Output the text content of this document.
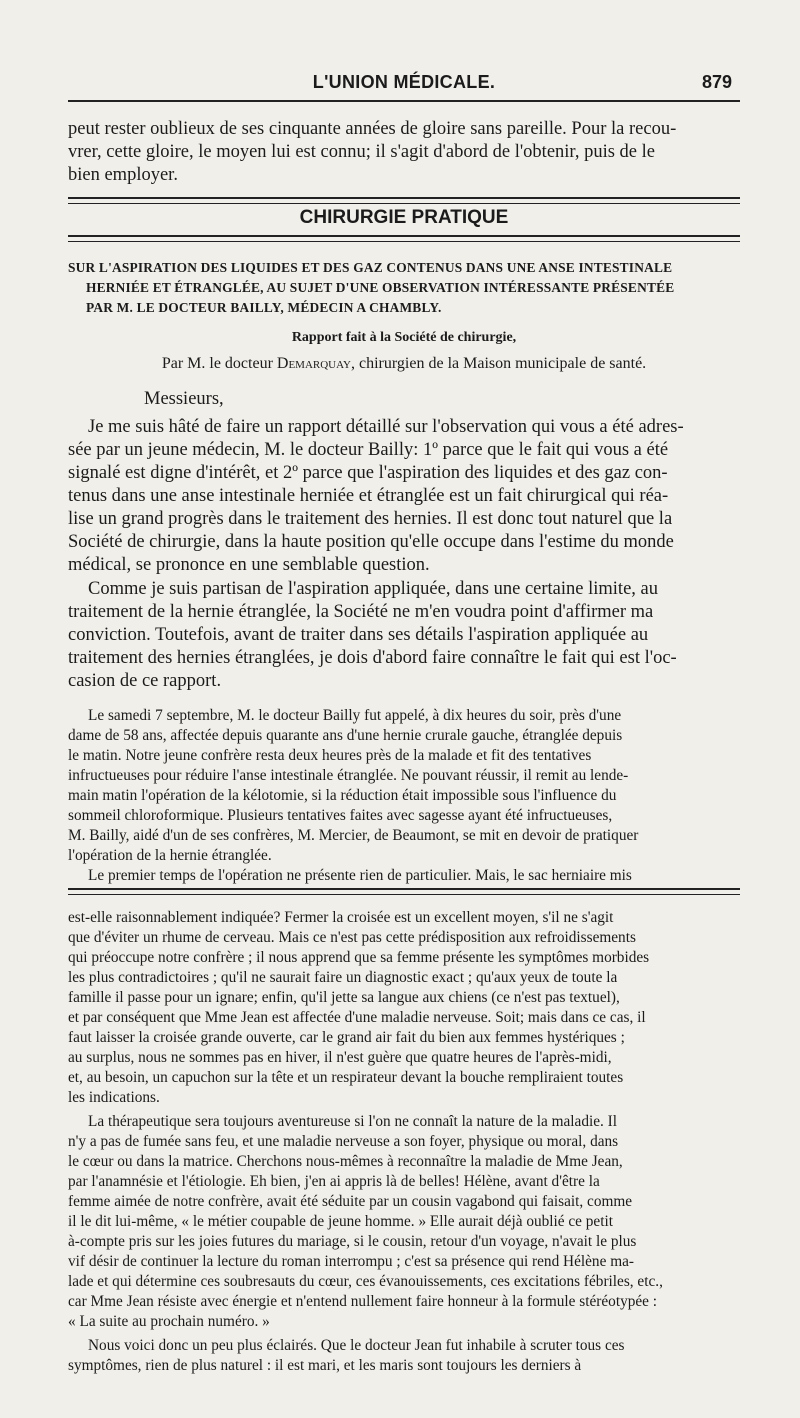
L'UNION MÉDICALE.	879

peut rester oublieux de ses cinquante années de gloire sans pareille. Pour la recou-

vrer, cette gloire, le moyen lui est connu; il s'agit d'abord de l'obtenir, puis de le

bien employer.

CHIRURGIE PRATIQUE

SUR L'ASPIRATION DES LIQUIDES ET DES GAZ CONTENUS DANS UNE ANSE INTESTINALE

HERNIÉE ET ÉTRANGLÉE, AU SUJET D'UNE OBSERVATION INTÉRESSANTE PRÉSENTÉE

PAR M. LE DOCTEUR BAILLY, MÉDECIN A CHAMBLY.

Rapport fait à la Société de chirurgie,
Par M. le docteur Demarquay, chirurgien de la Maison municipale de santé.
Messieurs,

Je me suis hâté de faire un rapport détaillé sur l'observation qui vous a été adres-

sée par un jeune médecin, M. le docteur Bailly: 1º parce que le fait qui vous a été

signalé est digne d'intérêt, et 2º parce que l'aspiration des liquides et des gaz con-

tenus dans une anse intestinale herniée et étranglée est un fait chirurgical qui réa-

lise un grand progrès dans le traitement des hernies. Il est donc tout naturel que la

Société de chirurgie, dans la haute position qu'elle occupe dans l'estime du monde

médical, se prononce en une semblable question.

Comme je suis partisan de l'aspiration appliquée, dans une certaine limite, au

traitement de la hernie étranglée, la Société ne m'en voudra point d'affirmer ma

conviction. Toutefois, avant de traiter dans ses détails l'aspiration appliquée au

traitement des hernies étranglées, je dois d'abord faire connaître le fait qui est l'oc-

casion de ce rapport.

Le samedi 7 septembre, M. le docteur Bailly fut appelé, à dix heures du soir, près d'une

dame de 58 ans, affectée depuis quarante ans d'une hernie crurale gauche, étranglée depuis

le matin. Notre jeune confrère resta deux heures près de la malade et fit des tentatives

infructueuses pour réduire l'anse intestinale étranglée. Ne pouvant réussir, il remit au lende-

main matin l'opération de la kélotomie, si la réduction était impossible sous l'influence du

sommeil chloroformique. Plusieurs tentatives faites avec sagesse ayant été infructueuses,

M. Bailly, aidé d'un de ses confrères, M. Mercier, de Beaumont, se mit en devoir de pratiquer

l'opération de la hernie étranglée.

Le premier temps de l'opération ne présente rien de particulier. Mais, le sac herniaire mis

est-elle raisonnablement indiquée? Fermer la croisée est un excellent moyen, s'il ne s'agit

que d'éviter un rhume de cerveau. Mais ce n'est pas cette prédisposition aux refroidissements

qui préoccupe notre confrère ; il nous apprend que sa femme présente les symptômes morbides

les plus contradictoires ; qu'il ne saurait faire un diagnostic exact ; qu'aux yeux de toute la

famille il passe pour un ignare; enfin, qu'il jette sa langue aux chiens (ce n'est pas textuel),

et par conséquent que Mme Jean est affectée d'une maladie nerveuse. Soit; mais dans ce cas, il

faut laisser la croisée grande ouverte, car le grand air fait du bien aux femmes hystériques ;

au surplus, nous ne sommes pas en hiver, il n'est guère que quatre heures de l'après-midi,

et, au besoin, un capuchon sur la tête et un respirateur devant la bouche rempliraient toutes

les indications.

La thérapeutique sera toujours aventureuse si l'on ne connaît la nature de la maladie. Il

n'y a pas de fumée sans feu, et une maladie nerveuse a son foyer, physique ou moral, dans

le cœur ou dans la matrice. Cherchons nous-mêmes à reconnaître la maladie de Mme Jean,

par l'anamnésie et l'étiologie. Eh bien, j'en ai appris là de belles! Hélène, avant d'être la

femme aimée de notre confrère, avait été séduite par un cousin vagabond qui faisait, comme

il le dit lui-même, « le métier coupable de jeune homme. » Elle aurait déjà oublié ce petit

à-compte pris sur les joies futures du mariage, si le cousin, retour d'un voyage, n'avait le plus

vif désir de continuer la lecture du roman interrompu ; c'est sa présence qui rend Hélène ma-

lade et qui détermine ces soubresauts du cœur, ces évanouissements, ces excitations fébriles, etc.,

car Mme Jean résiste avec énergie et n'entend nullement faire honneur à la formule stéréotypée :

« La suite au prochain numéro. »

Nous voici donc un peu plus éclairés. Que le docteur Jean fut inhabile à scruter tous ces

symptômes, rien de plus naturel : il est mari, et les maris sont toujours les derniers à
